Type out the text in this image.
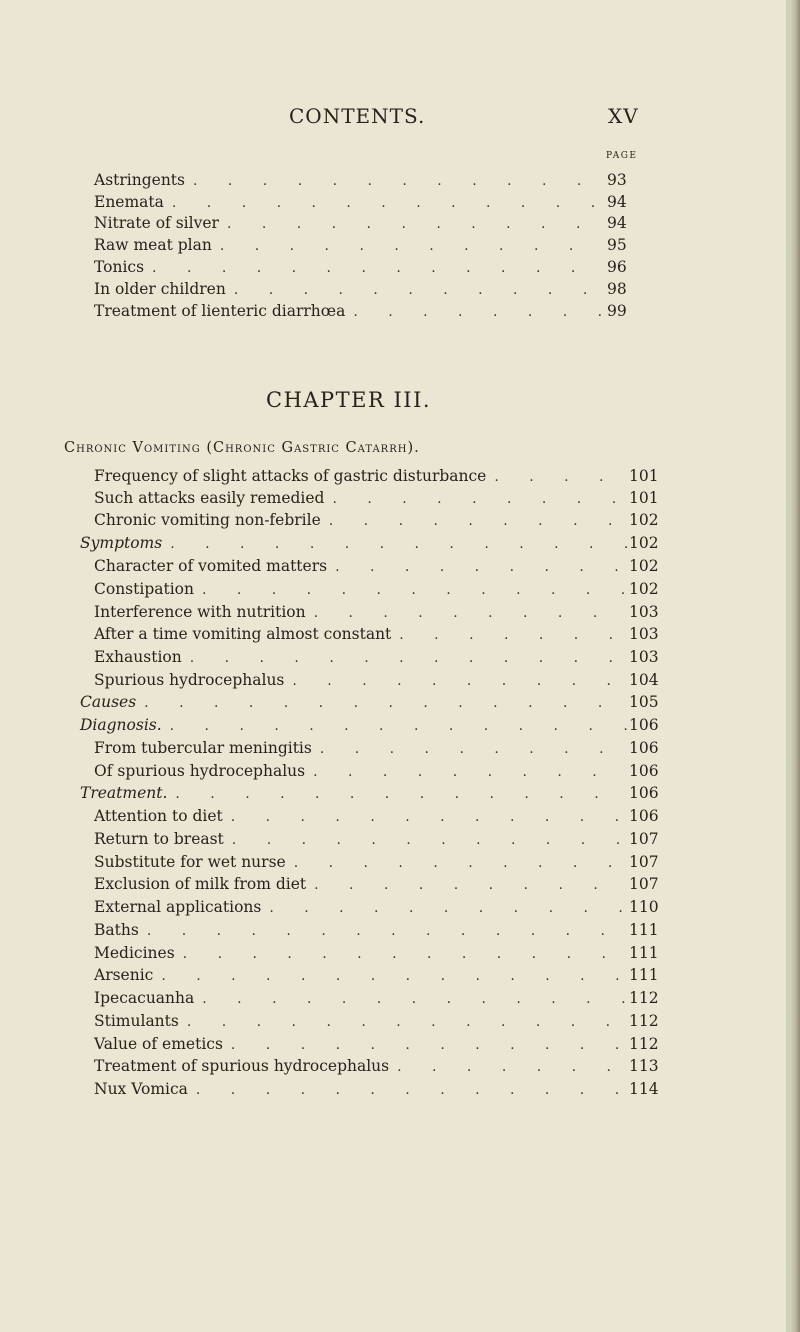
CONTENTS.	XV
PAGE
Astringents . . .	93
Enemata . . .	94
Nitrate of silver . . .	94
Raw meat plan . . .	95
Tonics . . .	96
In older children . . .	98
Treatment of lienteric diarrhœa . . .	99
CHAPTER III.
Chronic Vomiting (Chronic Gastric Catarrh).
Frequency of slight attacks of gastric disturbance . . .	101
Such attacks easily remedied . . .	101
Chronic vomiting non-febrile . . .	102
Symptoms . . .	102
Character of vomited matters . . .	102
Constipation . . .	102
Interference with nutrition . . .	103
After a time vomiting almost constant . . .	103
Exhaustion . . .	103
Spurious hydrocephalus . . .	104
Causes . . .	105
Diagnosis. . . .	106
From tubercular meningitis . . .	106
Of spurious hydrocephalus . . .	106
Treatment. . . .	106
Attention to diet . . .	106
Return to breast . . .	107
Substitute for wet nurse . . .	107
Exclusion of milk from diet . . .	107
External applications . . .	110
Baths . . .	111
Medicines . . .	111
Arsenic . . .	111
Ipecacuanha . . .	112
Stimulants . . .	112
Value of emetics . . .	112
Treatment of spurious hydrocephalus . . .	113
Nux Vomica . . .	114
